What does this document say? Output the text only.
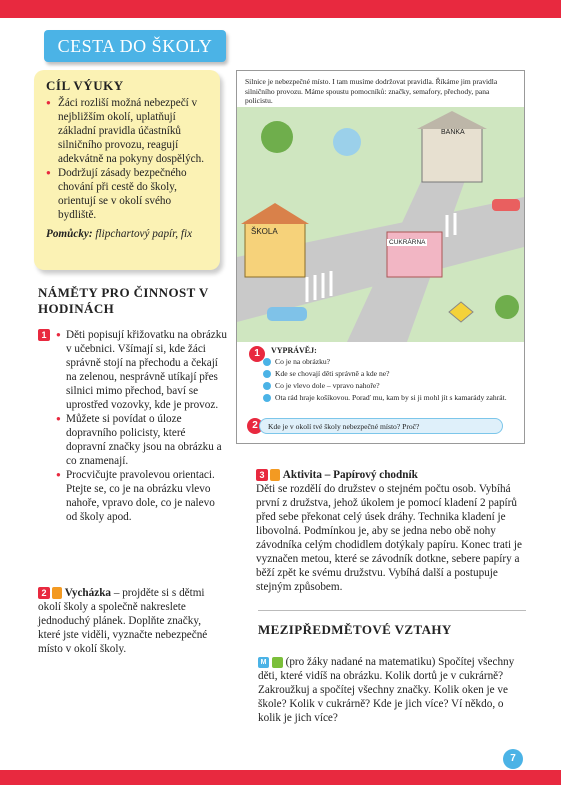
CESTA DO ŠKOLY
CÍL VÝUKY
● Žáci rozliší možná nebezpečí v nejbližším okolí, uplatňují základní pravidla účastníků silničního provozu, reagují adekvátně na pokyny dospělých.
● Dodržují zásady bezpečného chování při cestě do školy, orientují se v okolí svého bydliště.
Pomůcky: flipchartový papír, fix
NÁMĚTY PRO ČINNOST V HODINÁCH
1
●	Děti popisují křižovatku na obrázku v učebnici. Všímají si, kde žáci správně stojí na přechodu a čekají na zelenou, nesprávně utíkají přes silnici mimo přechod, baví se uprostřed vozovky, kde je provoz.
● Můžete si povídat o úloze dopravního policisty, které dopravní značky jsou na obrázku a co znamenají.
● Procvičujte pravolevou orientaci. Ptejte se, co je na obrázku vlevo nahoře, vpravo dole, co je nalevo od školy apod.
2 Vycházka – projděte si s dětmi okolí školy a společně nakreslete jednoduchý plánek. Doplňte značky, které jste viděli, vyznačte nebezpečné místo v okolí školy.
Silnice je nebezpečné místo. I tam musíme dodržovat pravidla. Říkáme jim pravidla silničního provozu. Máme spoustu pomocníků: značky, semafory, přechody, pana policistu.
ŠKOLA
CUKRÁRNA
BANKA
1	VYPRÁVĚJ:
Co je na obrázku?
Kde se chovají děti správně a kde ne?
Co je vlevo dole – vpravo nahoře?
Ota rád hraje košíkovou. Poraď mu, kam by si ji mohl jít s kamarády zahrát.
2	Kde je v okolí tvé školy nebezpečné místo? Proč?
3 Aktivita – Papírový chodník
Děti se rozdělí do družstev o stejném počtu osob. Vybíhá první z družstva, jehož úkolem je pomocí kladení 2 papírů před sebe překonat celý úsek dráhy. Technika kladení je libovolná. Podmínkou je, aby se jedna nebo obě nohy závodníka celým chodidlem dotýkaly papíru. Konec trati je vyznačen metou, které se závodník dotkne, sebere papíry a běží zpět ke svému družstvu. Vybíhá další a postupuje stejným způsobem.
MEZIPŘEDMĚTOVÉ VZTAHY
M  (pro žáky nadané na matematiku) Spočítej všechny děti, které vidíš na obrázku. Kolik dortů je v cukrárně? Zakroužkuj a spočítej všechny značky. Kolik oken je ve škole? Kolik v cukrárně? Kde je jich více? Ví někdo, o kolik je jich více?
7
